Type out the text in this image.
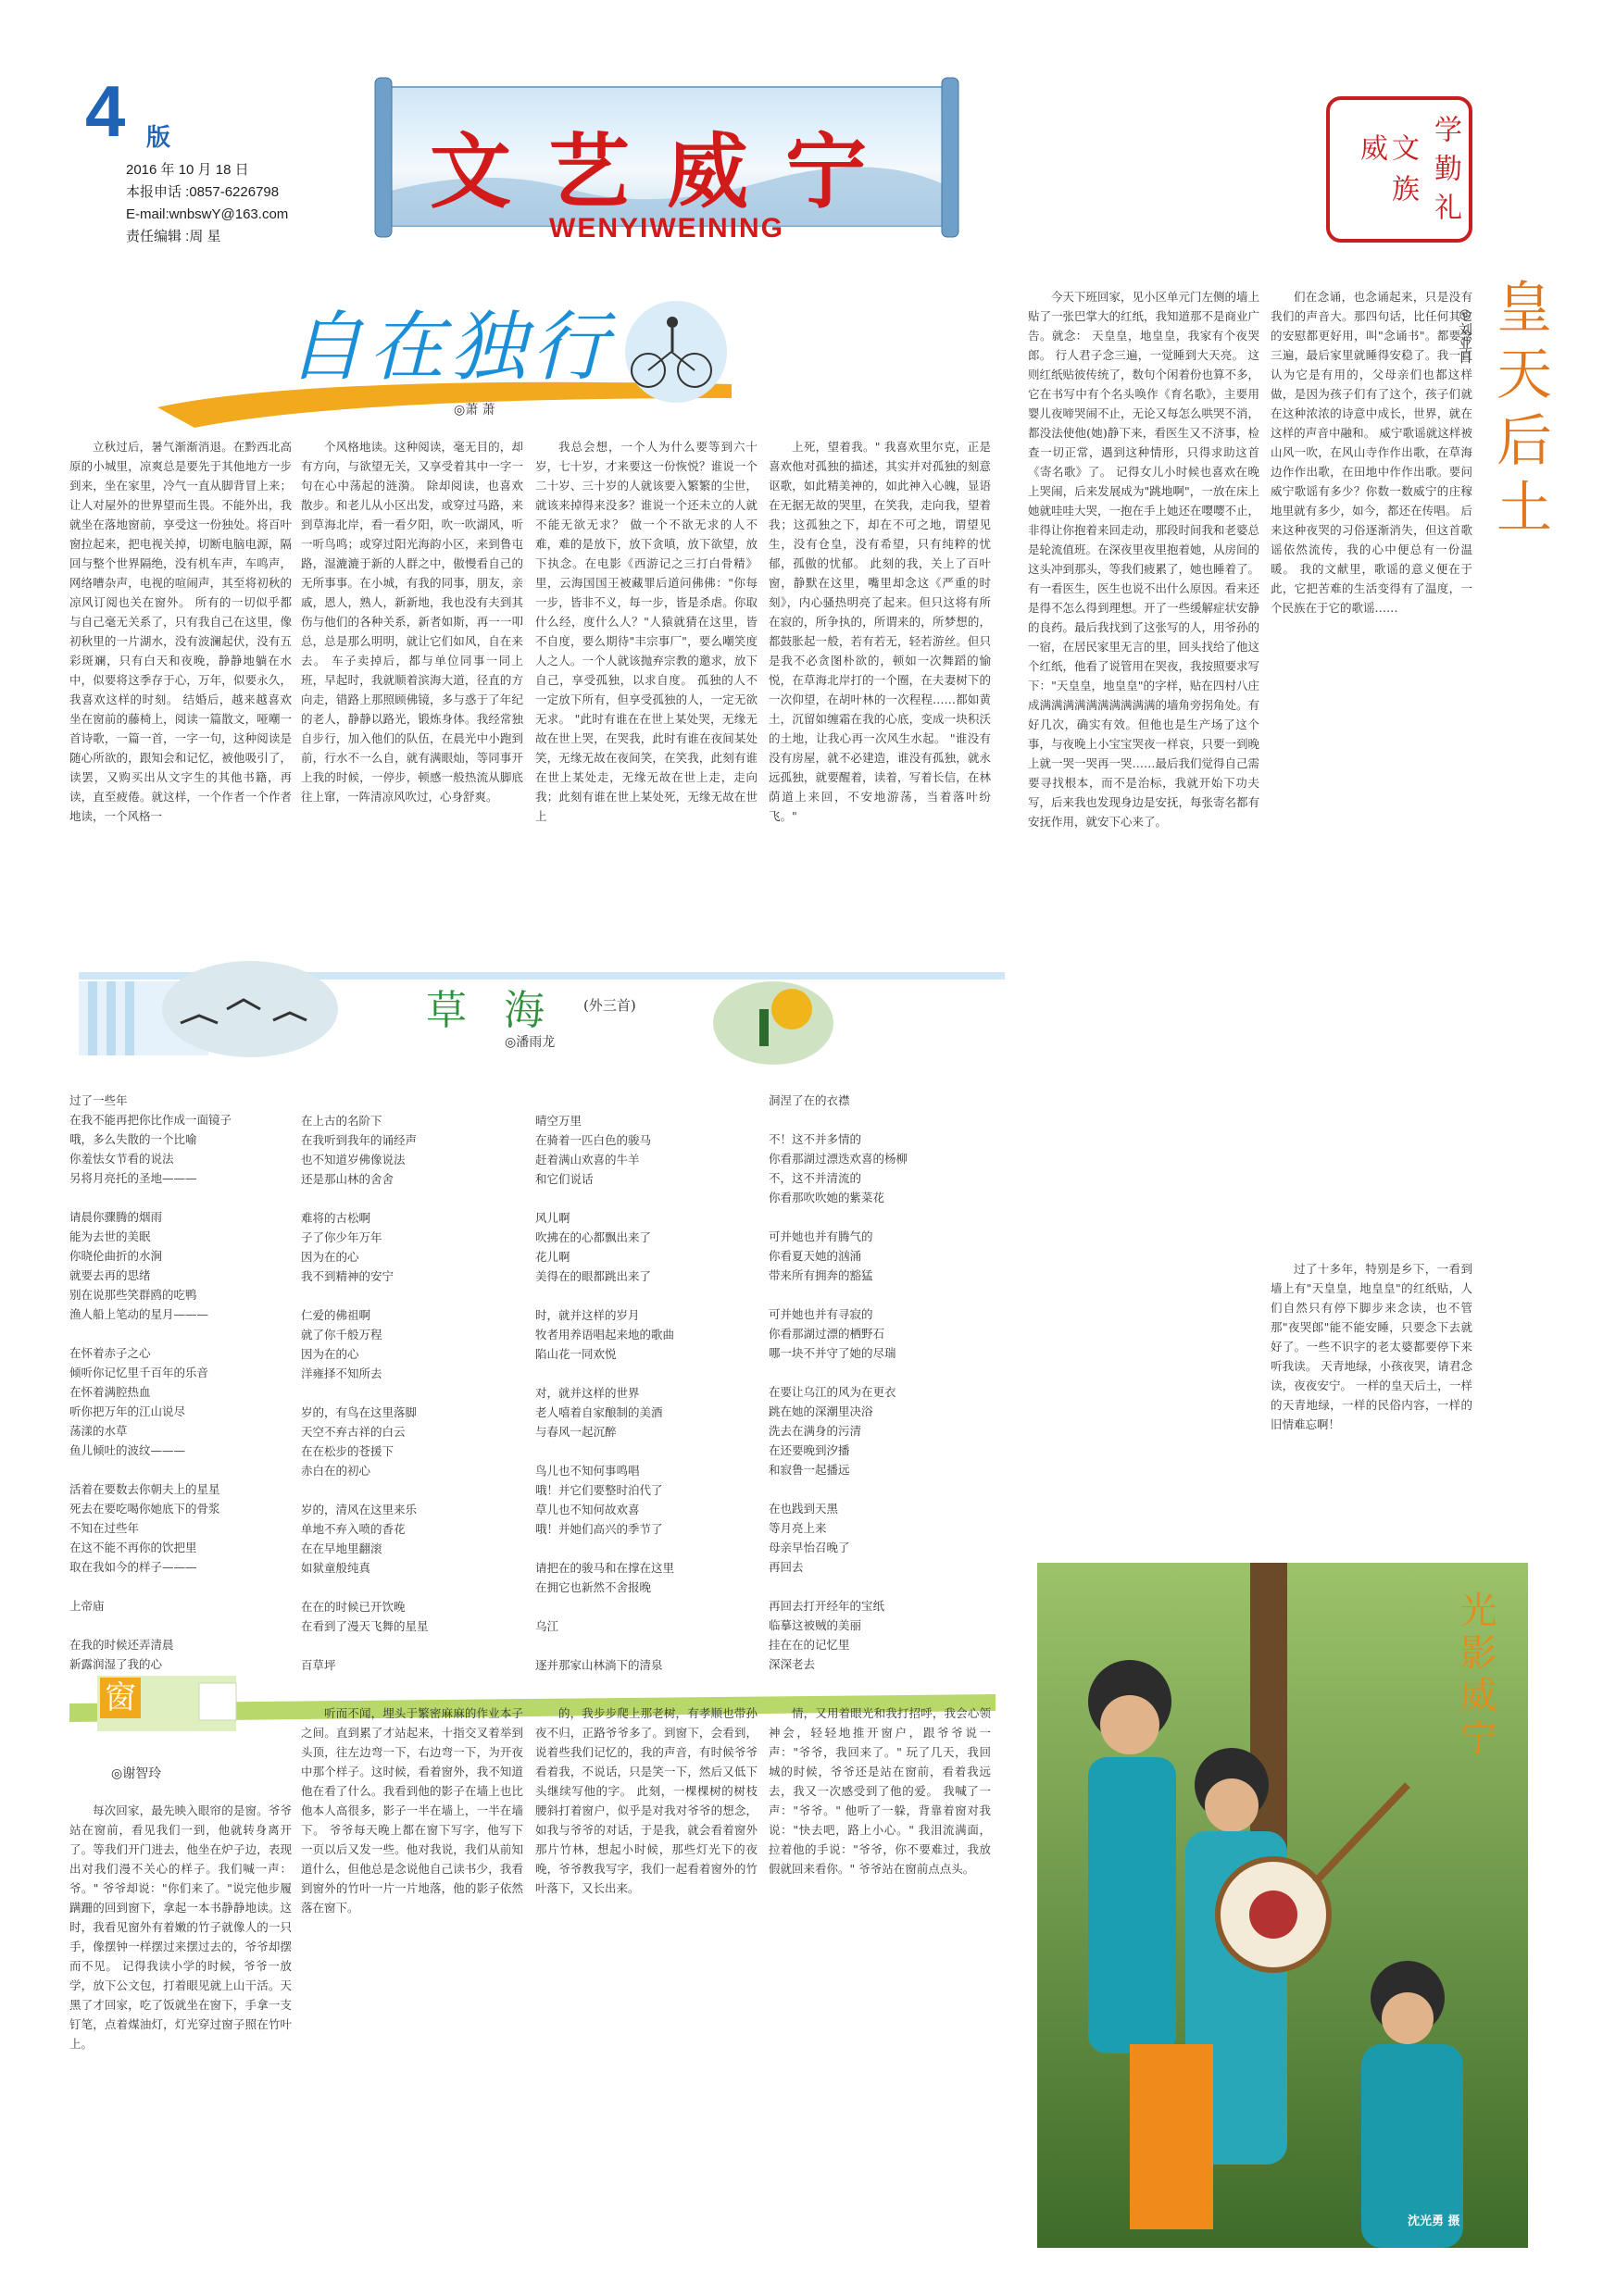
4 版
2016 年 10 月 18 日
本报申话 :0857-6226798
E-mail:wnbswY@163.com
责任编辑 :周 星
文艺威宁
WENYIWEINING
学
勤
礼
威 文
族
自在独行
◎萧 萧

立秋过后，暑气渐渐消退。在黔西北高原的小城里，凉爽总是要先于其他地方一步到来，坐在家里，冷气一直从脚背冒上来；让人对屋外的世界望而生畏。不能外出，我就坐在落地窗前，享受这一份独处。将百叶窗拉起来，把电视关掉，切断电脑电源，隔回与整个世界隔绝，没有机车声，车鸣声，网络嘈杂声，电视的喧闹声，其至将初秋的凉风订阅也关在窗外。 所有的一切似乎都与自己毫无关系了，只有我自己在这里，像初秋里的一片湖水，没有波澜起伏，没有五彩斑斓，只有白天和夜晚，静静地躺在水中，似要将这季存于心，万年，似要永久，我喜欢这样的时刻。 结婚后，越来越喜欢坐在窗前的藤椅上，阅读一篇散文，哑嘲一首诗歌，一篇一首，一字一句，这种阅读是随心所欲的，跟知会和记忆，被他吸引了，读罢，又购买出从文字生的其他书籍，再读，直至疲倦。就这样，一个作者一个作者地读，一个风格一

个风格地读。这种阅读，毫无目的，却有方向，与欲望无关，又享受着其中一字一句在心中荡起的涟漪。 除却阅读，也喜欢散步。和老儿从小区出发，或穿过马路，来到草海北岸，看一看夕阳，吹一吹湖风，听一听鸟鸣；或穿过阳光海韵小区，来到鲁屯路，湿漉漉于新的人群之中，傲慢看自己的无所事事。在小城，有我的同事，朋友，亲戚，恩人，熟人，新新地，我也没有夫到其伤与他们的各种关系，新者如斯，再一一叩总，总是那么明明，就让它们如风，自在来去。 车子卖掉后，都与单位同事一同上班，早起时，我就顺着滨海大道，径直的方向走，错路上那照顾佛镜，多与惑于了年纪的老人，静静以路光，锻炼身体。我经常独自步行，加入他们的队伍，在晨光中小跑到前，行水不一么自，就有满眼灿，等同事开上我的时候，一停步，顿感一般热流从脚底往上窜，一阵清凉风吹过，心身舒爽。

我总会想，一个人为什么要等到六十岁，七十岁，才来要这一份恢悦？谁说一个二十岁、三十岁的人就该要入繁繁的尘世，就该来掉得来没多？谁说一个还未立的人就不能无欲无求？ 做一个不欲无求的人不难，难的是放下，放下贪嗔，放下欲望，放下执念。在电影《西游记之三打白骨精》里，云海国国王被藏罪后道问佛佛："你每一步，皆非不义，每一步，皆是杀虐。你取什么经，度什么人？"人猿就猜在这里，皆不自度，要么期待"丰宗事厂"，要么嘲笑度人之人。一个人就该抛弃宗教的邀求，放下自己，享受孤独，以求自度。 孤独的人不一定放下所有，但享受孤独的人，一定无欲无求。 "此时有谁在在世上某处哭，无缘无故在世上哭，在哭我，此时有谁在夜间某处笑，无缘无故在夜间笑，在笑我，此刻有谁在世上某处走，无缘无故在世上走，走向我；此刻有谁在世上某处死，无缘无故在世上

上死，望着我。" 我喜欢里尔克，正是喜欢他对孤独的描述，其实并对孤独的刻意讴歌，如此精美神的，如此神入心魄，显语在无据无故的哭里，在笑我，走向我，望着我；这孤独之下，却在不可之地，谓望见生，没有仓皇，没有希望，只有纯粹的忧郁，孤傲的忧郁。 此刻的我，关上了百叶窗，静默在这里，嘴里却念这《严重的时刻》，内心骚热明亮了起来。但只这将有所在寂的，所争执的，所谓来的，所梦想的，都鼓胀起一般，若有若无，轻若游丝。但只是我不必贪图朴欲的，顿如一次舞蹈的愉悦，在草海北岸打的一个圈，在夫妻树下的一次仰望，在胡叶林的一次程程……都如黄土，沉留如缠霜在我的心底，变成一块积沃的土地，让我心再一次风生水起。 "谁没有没有房屋，就不必建造，谁没有孤独，就永远孤独，就要醒着，读着，写着长信，在林荫道上来回，不安地游荡，当着落叶纷飞。"

草海 (外三首)
◎潘雨龙
过了一些年
在我不能再把你比作成一面镜子
哦，多么失散的一个比喻
你羞怯女节看的说法
另将月亮托的圣地———

请晨你骤腾的烟雨
能为去世的美眠
你晓伦曲折的水涧
就要去再的思绪
别在说那些笑群鸥的吃鸭
渔人船上笔动的星月———

在怀着赤子之心
倾听你记忆里千百年的乐音
在怀着满腔热血
听你把万年的江山说尽
荡漾的水草
鱼儿倾吐的波纹———

活着在要数去你朝夫上的星星
死去在要吃喝你她底下的骨浆
不知在过些年
在这不能不再你的饮把里
取在我如今的样子———

上帝庙

在我的时候还弄清晨
新露润湿了我的心
在上古的名阶下
在我听到我年的诵经声
也不知道岁佛像说法
还是那山林的舍舍

难将的古松啊
子了你少年万年
因为在的心
我不到精神的安宁

仁爱的佛祖啊
就了你千般万程
因为在的心
洋雍择不知所去

岁的，有鸟在这里落脚
天空不弃古祥的白云
在在松步的苍援下
赤白在的初心

岁的，清风在这里来乐
单地不弃入喷的香花
在在早地里翻滚
如狱童般纯真

在在的时候已开饮晚
在看到了漫天飞舞的星星

百草坪
晴空万里
在骑着一匹白色的骏马
赶着满山欢喜的牛羊
和它们说话

风儿啊
吹拂在的心都飘出来了
花儿啊
美得在的眼都跳出来了

时，就并这样的岁月
牧者用养语唱起来地的歌曲
陷山花一同欢悦

对，就并这样的世界
老人嘻着自家酿制的美酒
与春风一起沉醉

鸟儿也不知何事鸣唱
哦！并它们要整时泊代了
草儿也不知何故欢喜
哦！并她们高兴的季节了

请把在的骏马和在撑在这里
在拥它也新然不舍报晚

乌江

逐并那家山林淌下的清泉
洞涅了在的衣襟

不！这不并多情的
你看那湖过漂迭欢喜的杨柳
不，这不并清流的
你看那吹吹她的紫菜花

可并她也并有腾气的
你看夏天她的汹涌
带来所有拥奔的豁猛

可并她也并有寻寂的
你看那湖过漂的栖野石
哪一块不并守了她的尽瑞

在要让乌江的风为在更衣
跳在她的深潮里决浴
洗去在满身的污清
在还要晚到汐播
和寂鲁一起播远

在也践到天黑
等月亮上来
母亲早怡召晚了
再回去

再回去打开经年的宝纸
临摹这被贼的美丽
挂在在的记忆里
深深老去

今天下班回家，见小区单元门左侧的墙上贴了一张巴掌大的红纸，我知道那不是商业广告。就念： 天皇皇，地皇皇，我家有个夜哭郎。 行人君子念三遍，一觉睡到大天亮。 这则红纸贴彼传统了，数句个闲着份也算不多，它在书写中有个名头唤作《育名歌》，主要用婴儿夜啼哭闹不止，无论又每怎么哄哭不消，都没法使他(她)静下来，看医生又不济事，检查一切正常，遇到这种情形，只得求助这首《寄名歌》了。 记得女儿小时候也喜欢在晚上哭闹，后来发展成为"跳地啊"，一放在床上她就哇哇大哭，一抱在手上她还在嘤嘤不止，非得让你抱着来回走动，那段时间我和老婆总是轮流值班。在深夜里夜里抱着她，从房间的这头冲到那头，等我们疲累了，她也睡着了。有一看医生，医生也说不出什么原因。看来还是得不怎么得到理想。开了一些缓解症状安静的良药。最后我找到了这张写的人，用爷孙的一宿，在居民家里无言的里，回头找给了他这个红纸，他看了说管用在哭夜，我按照要求写下："天皇皇，地皇皇"的字样，贴在四村八庄成满满满满满满满满满满的墙角旁拐角处。有好几次，确实有效。但他也是生产场了这个事，与夜晚上小宝宝哭夜一样哀，只要一到晚上就一哭一哭再一哭……最后我们觉得自己需要寻找根本，而不是治标，我就开始下功夫写，后来我也发现身边是安抚，每张寄名都有安抚作用，就安下心来了。

们在念诵，也念诵起来，只是没有我们的声音大。那四句话，比任何其它的安慰都更好用，叫"念诵书"。都要念三遍，最后家里就睡得安稳了。我一直认为它是有用的，父母亲们也都这样做，是因为孩子们有了这个，孩子们就在这种浓浓的诗意中成长，世界，就在这样的声音中融和。 威宁歌谣就这样被山风一吹，在风山寺作作出歌，在草海边作作出歌，在田地中作作出歌。要问威宁歌谣有多少？你数一数威宁的庄稼地里就有多少，如今，都还在传唱。 后来这种夜哭的习俗逐渐消失，但这首歌谣依然流传，我的心中便总有一份温暖。 我的文献里，歌谣的意义便在于此，它把苦难的生活变得有了温度，一个民族在于它的歌谣……

过了十多年，特别是乡下，一看到墙上有"天皇皇，地皇皇"的红纸贴，人们自然只有停下脚步来念读，也不管那"夜哭郎"能不能安睡，只要念下去就好了。一些不识字的老太婆都要停下来听我读。 天青地绿，小孩夜哭，请君念读，夜夜安宁。 一样的皇天后土，一样的天青地绿，一样的民俗内容，一样的旧情难忘啊！

皇天后土
◎刘亚日
窗
◎谢智玲

每次回家，最先映入眼帘的是窗。爷爷站在窗前，看见我们一到，他就转身离开了。等我们开门进去，他坐在炉子边，表现出对我们漫不关心的样子。我们喊一声：爷。" 爷爷却说："你们来了。"说完他步履蹒跚的回到窗下，拿起一本书静静地读。这时，我看见窗外有着嫩的竹子就像人的一只手，像摆钟一样摆过来摆过去的，爷爷却摆而不见。 记得我读小学的时候，爷爷一放学，放下公文包，打着眼见就上山干活。天黑了才回家，吃了饭就坐在窗下，手拿一支钉笔，点着煤油灯，灯光穿过窗子照在竹叶上。

听而不闻，埋头于繁密麻麻的作业本子之间。直到累了才站起来，十指交叉着举到头顶，往左边弯一下，右边弯一下，为开夜中那个样子。这时候，看着窗外，我不知道他在看了什么。我看到他的影子在墙上也比他本人高很多，影子一半在墙上，一半在墙下。 爷爷每天晚上都在窗下写字，他写下一页以后又发一些。他对我说，我们从前知道什么，但他总是念说他自己读书少，我看到窗外的竹叶一片一片地落，他的影子依然落在窗下。

的，我步步爬上那老树，有孝顺也带孙夜不归，正路爷爷多了。到窗下，会看到，说着些我们记忆的，我的声音，有时候爷爷看着我，不说话，只是笑一下，然后又低下头继续写他的字。 此刻，一棵棵树的树枝腰斜打着窗户，似乎是对我对爷爷的想念，如我与爷爷的对话，于是我，就会看着窗外那片竹林，想起小时候，那些灯光下的夜晚，爷爷教我写字，我们一起看着窗外的竹叶落下，又长出来。

情，又用着眼光和我打招呼，我会心领神会，轻轻地推开窗户，跟爷爷说一声："爷爷，我回来了。" 玩了几天，我回城的时候，爷爷还是站在窗前，看着我远去，我又一次感受到了他的爱。 我喊了一声："爷爷。" 他听了一躲，背靠着窗对我说："快去吧，路上小心。" 我泪流满面，拉着他的手说："爷爷，你不要难过，我放假就回来看你。" 爷爷站在窗前点点头。

光影威宁
沈光勇 摄
